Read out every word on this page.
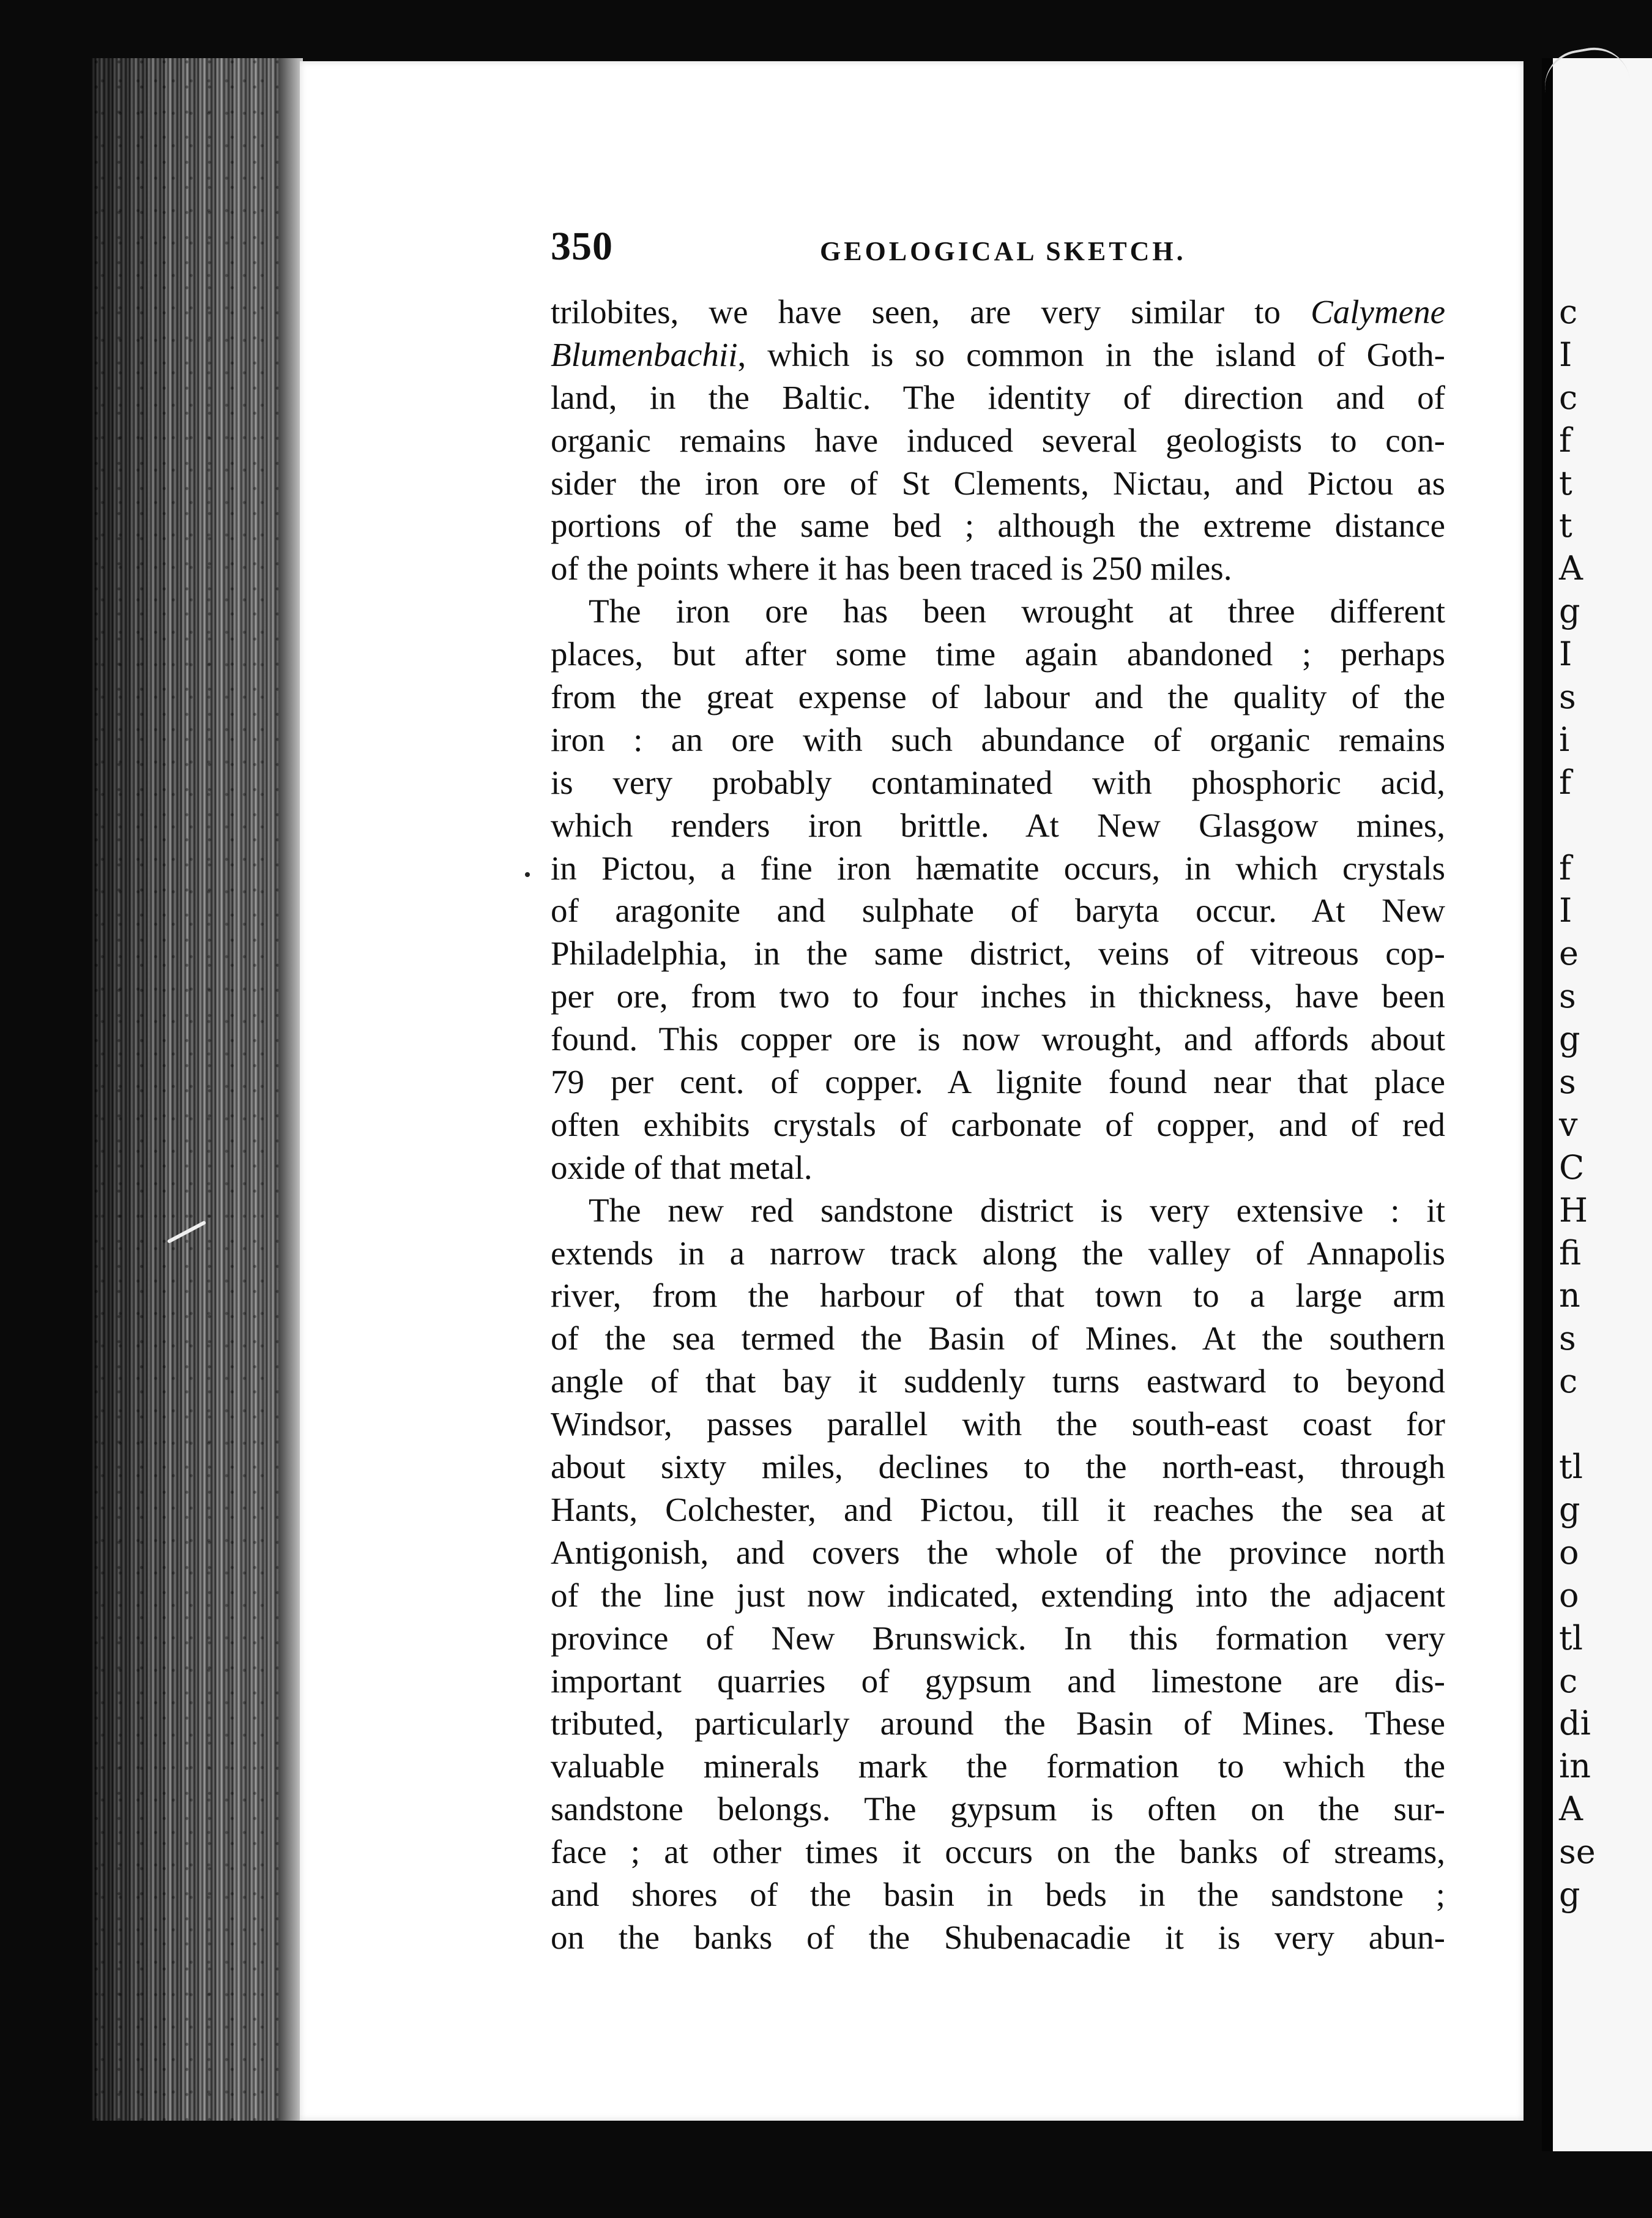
c
I
c
f
t
t
A
g
I
s
i
f
f
I
e
s
g
s
v
C
H
fi
n
s
c
tl
g
o
o
tl
c
di
in
A
se
g
350	GEOLOGICAL SKETCH.
trilobites, we have seen, are very similar to Calymene
Blumenbachii, which is so common in the island of Goth-
land, in the Baltic. The identity of direction and of
organic remains have induced several geologists to con-
sider the iron ore of St Clements, Nictau, and Pictou as
portions of the same bed ; although the extreme distance
of the points where it has been traced is 250 miles.
The iron ore has been wrought at three different
places, but after some time again abandoned ; perhaps
from the great expense of labour and the quality of the
iron : an ore with such abundance of organic remains
is very probably contaminated with phosphoric acid,
which renders iron brittle. At New Glasgow mines,
in Pictou, a fine iron hæmatite occurs, in which crystals
of aragonite and sulphate of baryta occur. At New
Philadelphia, in the same district, veins of vitreous cop-
per ore, from two to four inches in thickness, have been
found. This copper ore is now wrought, and affords about
79 per cent. of copper. A lignite found near that place
often exhibits crystals of carbonate of copper, and of red
oxide of that metal.
The new red sandstone district is very extensive : it
extends in a narrow track along the valley of Annapolis
river, from the harbour of that town to a large arm
of the sea termed the Basin of Mines. At the southern
angle of that bay it suddenly turns eastward to beyond
Windsor, passes parallel with the south-east coast for
about sixty miles, declines to the north-east, through
Hants, Colchester, and Pictou, till it reaches the sea at
Antigonish, and covers the whole of the province north
of the line just now indicated, extending into the adjacent
province of New Brunswick. In this formation very
important quarries of gypsum and limestone are dis-
tributed, particularly around the Basin of Mines. These
valuable minerals mark the formation to which the
sandstone belongs. The gypsum is often on the sur-
face ; at other times it occurs on the banks of streams,
and shores of the basin in beds in the sandstone ;
on the banks of the Shubenacadie it is very abun-
